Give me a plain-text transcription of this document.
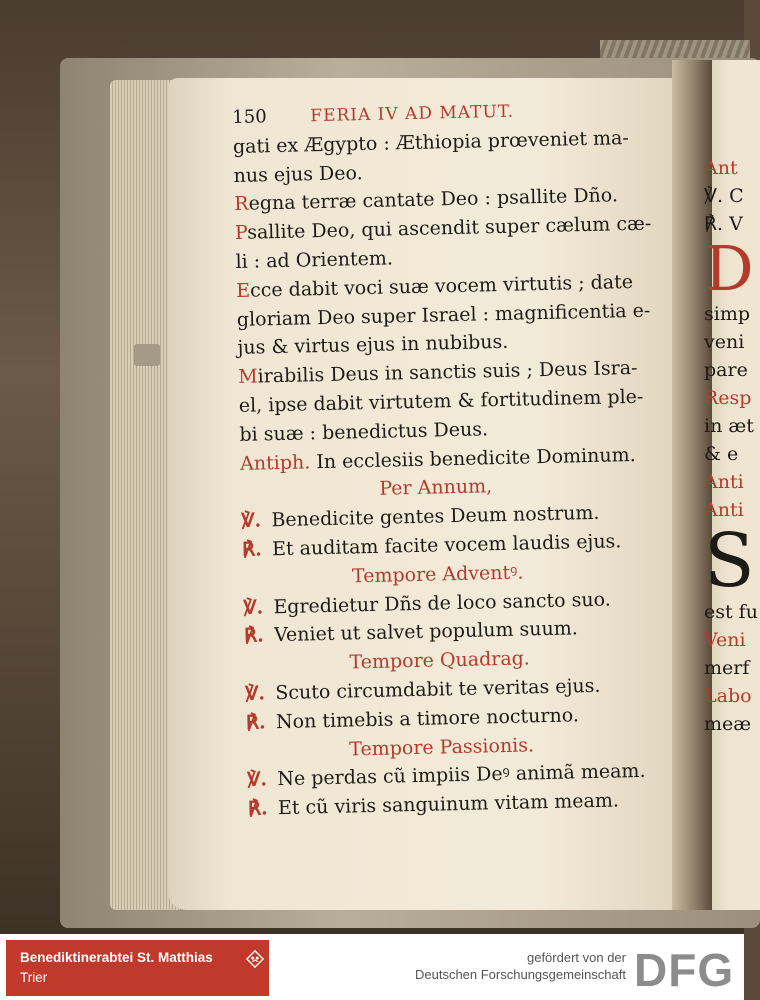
150	FERIA IV AD MATUT.
gati ex Ægypto : Æthiopia prœveniet ma-
nus ejus Deo.
Regna terræ cantate Deo : psallite Dño.
Psallite Deo, qui ascendit super cælum cæ-
li : ad Orientem.
Ecce dabit voci suæ vocem virtutis ; date
gloriam Deo super Israel : magnificentia e-
jus & virtus ejus in nubibus.
Mirabilis Deus in sanctis suis ; Deus Isra-
el, ipse dabit virtutem & fortitudinem ple-
bi suæ : benedictus Deus.
Antiph. In ecclesiis benedicite Dominum.
Per Annum,
℣. Benedicite gentes Deum nostrum.
℟. Et auditam facite vocem laudis ejus.
Tempore Adventꝰ.
℣. Egredietur Dñs de loco sancto suo.
℟. Veniet ut salvet populum suum.
Tempore Quadrag.
℣. Scuto circumdabit te veritas ejus.
℟. Non timebis a timore nocturno.
Tempore Passionis.
℣. Ne perdas cũ impiis Deꝰ animã meam.
℟. Et cũ viris sanguinum vitam meam.
Ant
℣. C
℟. V
D
simp
veni
pare
Resp
in æt
& e
Anti
Anti
S
est fu
Veni
merf
Labo
meæ
Benediktinerabtei St. Matthias
Trier
gefördert von der
Deutschen Forschungsgemeinschaft DFG
